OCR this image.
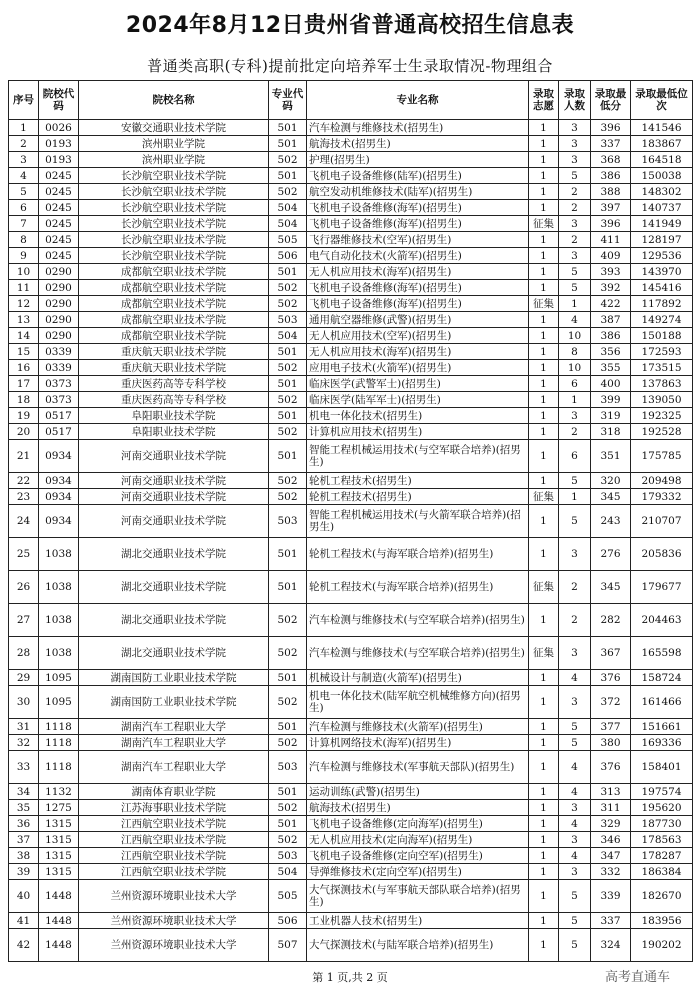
2024年8月12日贵州省普通高校招生信息表
普通类高职(专科)提前批定向培养军士生录取情况-物理组合
序号	院校代码	院校名称	专业代码	专业名称	录取志愿	录取人数	录取最低分	录取最低位次
1	0026	安徽交通职业技术学院	501	汽车检测与维修技术(招男生)	1	3	396	141546
2	0193	滨州职业学院	501	航海技术(招男生)	1	3	337	183867
3	0193	滨州职业学院	502	护理(招男生)	1	3	368	164518
4	0245	长沙航空职业技术学院	501	飞机电子设备维修(陆军)(招男生)	1	5	386	150038
5	0245	长沙航空职业技术学院	502	航空发动机维修技术(陆军)(招男生)	1	2	388	148302
6	0245	长沙航空职业技术学院	504	飞机电子设备维修(海军)(招男生)	1	2	397	140737
7	0245	长沙航空职业技术学院	504	飞机电子设备维修(海军)(招男生)	征集	3	396	141949
8	0245	长沙航空职业技术学院	505	飞行器维修技术(空军)(招男生)	1	2	411	128197
9	0245	长沙航空职业技术学院	506	电气自动化技术(火箭军)(招男生)	1	3	409	129536
10	0290	成都航空职业技术学院	501	无人机应用技术(海军)(招男生)	1	5	393	143970
11	0290	成都航空职业技术学院	502	飞机电子设备维修(海军)(招男生)	1	5	392	145416
12	0290	成都航空职业技术学院	502	飞机电子设备维修(海军)(招男生)	征集	1	422	117892
13	0290	成都航空职业技术学院	503	通用航空器维修(武警)(招男生)	1	4	387	149274
14	0290	成都航空职业技术学院	504	无人机应用技术(空军)(招男生)	1	10	386	150188
15	0339	重庆航天职业技术学院	501	无人机应用技术(海军)(招男生)	1	8	356	172593
16	0339	重庆航天职业技术学院	502	应用电子技术(火箭军)(招男生)	1	10	355	173515
17	0373	重庆医药高等专科学校	501	临床医学(武警军士)(招男生)	1	6	400	137863
18	0373	重庆医药高等专科学校	502	临床医学(陆军军士)(招男生)	1	1	399	139050
19	0517	阜阳职业技术学院	501	机电一体化技术(招男生)	1	3	319	192325
20	0517	阜阳职业技术学院	502	计算机应用技术(招男生)	1	2	318	192528
21	0934	河南交通职业技术学院	501	智能工程机械运用技术(与空军联合培养)(招男生)	1	6	351	175785
22	0934	河南交通职业技术学院	502	轮机工程技术(招男生)	1	5	320	209498
23	0934	河南交通职业技术学院	502	轮机工程技术(招男生)	征集	1	345	179332
24	0934	河南交通职业技术学院	503	智能工程机械运用技术(与火箭军联合培养)(招男生)	1	5	243	210707
25	1038	湖北交通职业技术学院	501	轮机工程技术(与海军联合培养)(招男生)	1	3	276	205836
26	1038	湖北交通职业技术学院	501	轮机工程技术(与海军联合培养)(招男生)	征集	2	345	179677
27	1038	湖北交通职业技术学院	502	汽车检测与维修技术(与空军联合培养)(招男生)	1	2	282	204463
28	1038	湖北交通职业技术学院	502	汽车检测与维修技术(与空军联合培养)(招男生)	征集	3	367	165598
29	1095	湖南国防工业职业技术学院	501	机械设计与制造(火箭军)(招男生)	1	4	376	158724
30	1095	湖南国防工业职业技术学院	502	机电一体化技术(陆军航空机械维修方向)(招男生)	1	3	372	161466
31	1118	湖南汽车工程职业大学	501	汽车检测与维修技术(火箭军)(招男生)	1	5	377	151661
32	1118	湖南汽车工程职业大学	502	计算机网络技术(海军)(招男生)	1	5	380	169336
33	1118	湖南汽车工程职业大学	503	汽车检测与维修技术(军事航天部队)(招男生)	1	4	376	158401
34	1132	湖南体育职业学院	501	运动训练(武警)(招男生)	1	4	313	197574
35	1275	江苏海事职业技术学院	502	航海技术(招男生)	1	3	311	195620
36	1315	江西航空职业技术学院	501	飞机电子设备维修(定向海军)(招男生)	1	4	329	187730
37	1315	江西航空职业技术学院	502	无人机应用技术(定向海军)(招男生)	1	3	346	178563
38	1315	江西航空职业技术学院	503	飞机电子设备维修(定向空军)(招男生)	1	4	347	178287
39	1315	江西航空职业技术学院	504	导弹维修技术(定向空军)(招男生)	1	3	332	186384
40	1448	兰州资源环境职业技术大学	505	大气探测技术(与军事航天部队联合培养)(招男生)	1	5	339	182670
41	1448	兰州资源环境职业技术大学	506	工业机器人技术(招男生)	1	5	337	183956
42	1448	兰州资源环境职业技术大学	507	大气探测技术(与陆军联合培养)(招男生)	1	5	324	190202
第 1 页,共 2 页	高考直通车
